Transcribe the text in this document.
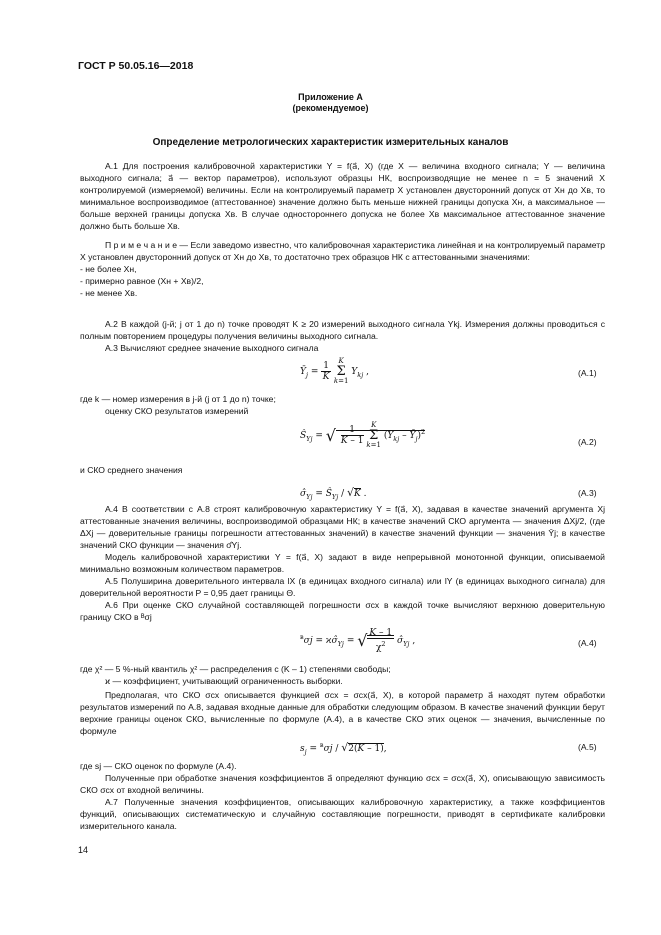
ГОСТ Р 50.05.16—2018
Приложение А
(рекомендуемое)
Определение метрологических характеристик измерительных каналов

А.1 Для построения калибровочной характеристики Y = f(a⃗, X) (где X — величина входного сигнала; Y — величина выходного сигнала; a⃗ — вектор параметров), используют образцы НК, воспроизводящие не менее n = 5 значений X контролируемой (измеряемой) величины. Если на контролируемый параметр X установлен двусторонний допуск от Xн до Xв, то минимальное воспроизводимое (аттестованное) значение должно быть меньше нижней границы допуска Xн, а максимальное — больше верхней границы допуска Xв. В случае одностороннего допуска не более Xв максимальное аттестованное значение должно быть больше Xв.

П р и м е ч а н и е — Если заведомо известно, что калибровочная характеристика линейная и на контролируемый параметр X установлен двусторонний допуск от Xн до Xв, то достаточно трех образцов НК с аттестованными значениями:

- не более Xн,

- примерно равное (Xн + Xв)/2,

- не менее Xв.

А.2 В каждой (j-й; j от 1 до n) точке проводят K ≥ 20 измерений выходного сигнала Ykj. Измерения должны проводиться с полным повторением процедуры получения величины выходного сигнала.

А.3 Вычисляют среднее значение выходного сигнала

$Ȳ_j = \frac{1}{K}$ K
Σ
k=1 $Y_{kj}$ ,	(A.1)
где k — номер измерения в j-й (j от 1 до n) точке;
оценку СКО результатов измерений
$Ŝ_{Yj}$ = √ $\frac{1}{K - 1}$ K
Σ
k=1 ($Y_{kj}$ – $Ȳ_j)^2$
(A.2)
и СКО среднего значения
$\sigmâ_{Yj}$ = $Ŝ_{Yj} / √K$ .	(A.3)

А.4 В соответствии с А.8 строят калибровочную характеристику Y = f(a⃗, X), задавая в качестве значений аргумента Xj аттестованные значения величины, воспроизводимой образцами НК; в качестве значений СКО аргумента — значения ΔXj/2, (где ΔXj — доверительные границы погрешности аттестованных значений) в качестве значений функции — значения Ȳj; в качестве значений СКО функции — значения σ̂Yj.

Модель калибровочной характеристики Y = f(a⃗, X) задают в виде непрерывной монотонной функции, описываемой минимально возможным количеством параметров.

А.5 Полуширина доверительного интервала lX (в единицах входного сигнала) или lY (в единицах выходного сигнала) для доверительной вероятности P = 0,95 дает границы Θ.

А.6 При оценке СКО случайной составляющей погрешности σсх в каждой точке вычисляют верхнюю доверительную границу СКО в ᴮσj

$^в\sigma j = ϰ\sigmâ_{Yj}$ = √ $\frac{K - 1}{\chi^2}$ $\sigmâ_{Yj}$ ,	(A.4)
где χ² — 5 %-ный квантиль χ² — распределения с (K – 1) степенями свободы;
ϰ — коэффициент, учитывающий ограниченность выборки.

Предполагая, что СКО σсх описывается функцией σсх = σсх(a⃗, X), в которой параметр a⃗ находят путем обработки результатов измерений по А.8, задавая входные данные для обработки следующим образом. В качестве значений функции берут верхние границы оценок СКО, вычисленные по формуле (А.4), а в качестве СКО этих оценок — значения, вычисленные по формуле

$s_j = ^в\sigma j / √2(K - 1)$,	(A.5)

где sj — СКО оценок по формуле (А.4).

Полученные при обработке значения коэффициентов a⃗ определяют функцию σсх = σсх(a⃗, X), описывающую зависимость СКО σсх от входной величины.

А.7 Полученные значения коэффициентов, описывающих калибровочную характеристику, а также коэффициентов функций, описывающих систематическую и случайную составляющие погрешности, приводят в сертификате калибровки измерительного канала.

14
